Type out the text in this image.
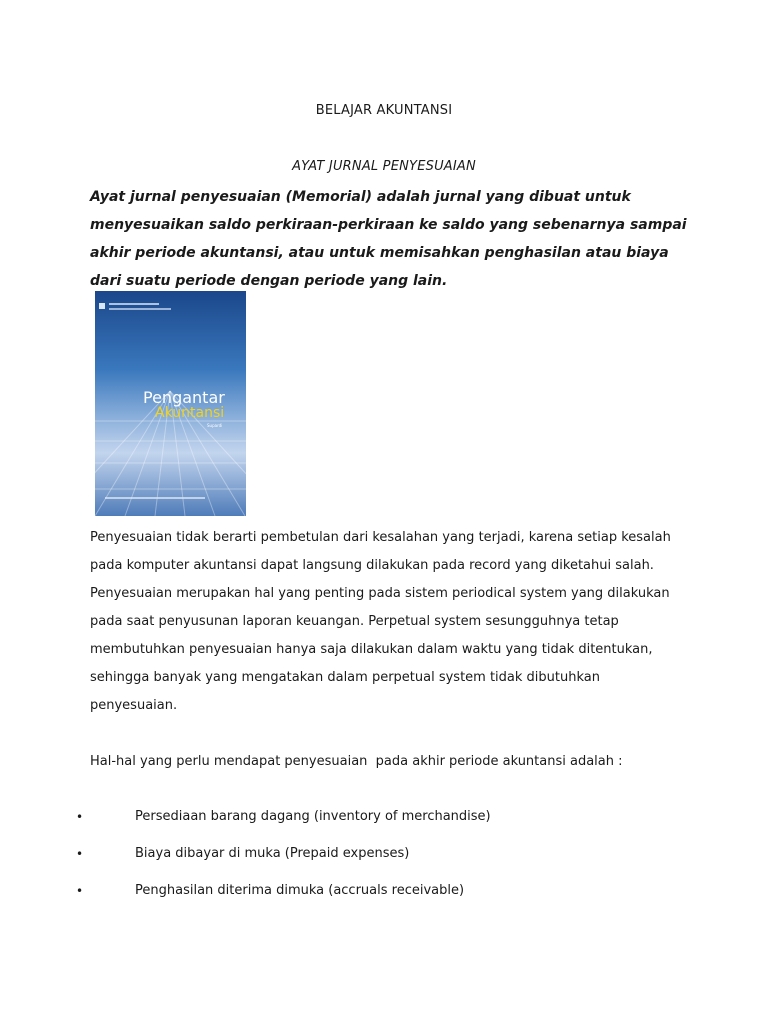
BELAJAR AKUNTANSI
AYAT JURNAL PENYESUAIAN

Ayat jurnal penyesuaian (Memorial) adalah jurnal yang dibuat untuk menyesuaikan saldo perkiraan-perkiraan ke saldo yang sebenarnya sampai akhir periode akuntansi, atau untuk memisahkan penghasilan atau biaya dari suatu periode dengan periode yang lain.

Pengantar
Akuntansi
Supardi

Penyesuaian tidak berarti pembetulan dari kesalahan yang terjadi, karena setiap kesalah pada komputer akuntansi dapat langsung dilakukan pada record yang diketahui salah. Penyesuaian merupakan hal yang penting pada sistem periodical system yang dilakukan pada saat penyusunan laporan keuangan. Perpetual system sesungguhnya tetap membutuhkan penyesuaian hanya saja dilakukan dalam waktu yang tidak ditentukan, sehingga banyak yang mengatakan dalam perpetual system tidak dibutuhkan penyesuaian.

Hal-hal yang perlu mendapat penyesuaian  pada akhir periode akuntansi adalah :

•	Persediaan barang dagang (inventory of merchandise)
•	Biaya dibayar di muka (Prepaid expenses)
•	Penghasilan diterima dimuka (accruals receivable)
